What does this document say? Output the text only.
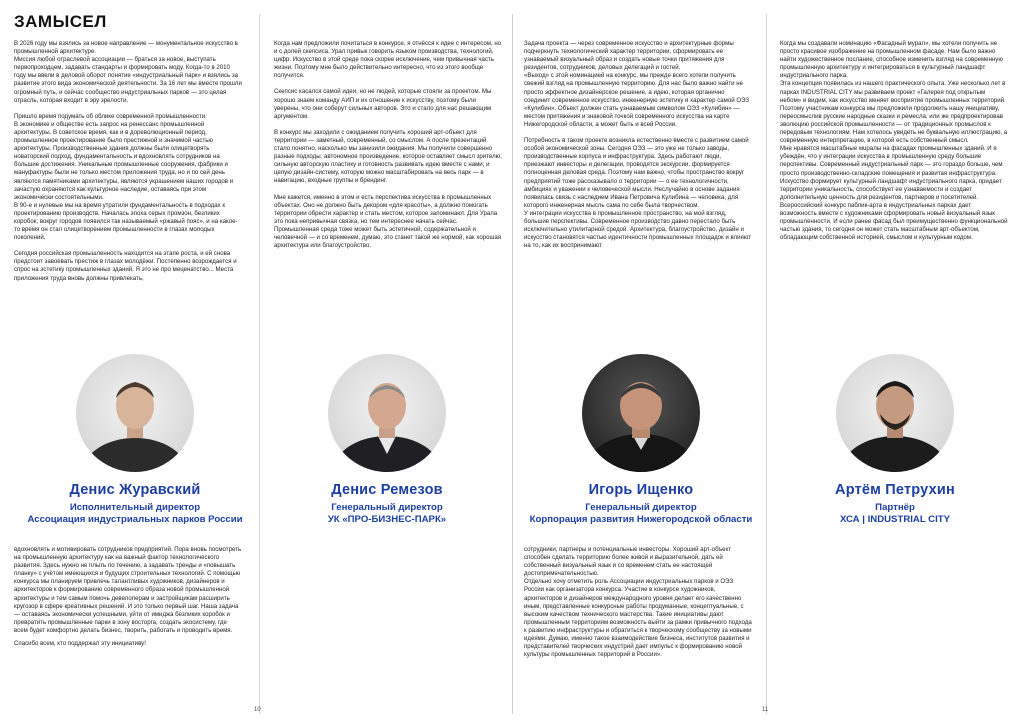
ЗАМЫСЕЛ

В 2026 году мы взялись за новое направление — монументальное искусство в промышленной архитектуре.
Миссия любой отраслевой ассоциации — браться за новое, выступать первопроходцем, задавать стандарты и формировать моду. Когда-то в 2010 году мы ввели в деловой оборот понятие «индустриальный парк» и взялись за развитие этого вида экономической деятельности. За 16 лет мы вместе прошли огромный путь, и сейчас сообщество индустриальных парков — это целая отрасль, которая входит в эру зрелости.

Пришло время подумать об облике современной промышленности.
В экономике и обществе есть запрос на ренессанс промышленной архитектуры. В советское время, как и в дореволюционный период, промышленное проектирование было престижной и значимой частью архитектуры. Производственные здания должны были олицетворять новаторский подход, фундаментальность и вдохновлять сотрудников на большие достижения. Уникальные промышленные сооружения, фабрики и мануфактуры были не только местом приложения труда, но и по сей день являются памятниками архитектуры, являются украшением наших городов и зачастую охраняются как культурное наследие, оставаясь при этом экономически состоятельными.
В 90-е и нулевые мы на время утратили фундаментальность в подходах к проектированию производств. Началась эпоха серых промзон, безликих коробок; вокруг городов появился так называемый «ржавый пояс», и на какое-то время он стал олицетворением промышленности в глазах молодых поколений.

Сегодня российская промышленность находится на этапе роста, и ей снова предстоит завоевать престиж в глазах молодёжи. Постепенно возрождается и спрос на эстетику промышленных зданий. Я это не про меценатство... Места приложения труда вновь должны привлекать,

Когда нам предложили почитаться в конкурсе, я отнёсся к идее с интересом, но и с долей скепсиса. Урал привык говорить языком производства, технологий, цифр. Искусство в этой среде пока скорее исключение, чем привычная часть жизни. Поэтому мне было действительно интересно, что из этого вообще получится.

Скепсис касался самой идеи, но не людей, которые стояли за проектом. Мы хорошо знаем команду АИП и их отношение к искусству, поэтому были уверены, что они соберут сильных авторов. Это и стало для нас решающим аргументом.

В конкурс мы заходили с ожиданием получить хороший арт-объект для территории — заметный, современный, со смыслом. А после презентаций стало понятно, насколько мы занизили ожидания. Мы получили совершенно разные подходы: автономное произведение, которое оставляет смысл зрителю; сильную авторскую пластику и готовность развивать идею вместе с нами; и целую дизайн-систему, которую можно масштабировать на весь парк — в навигацию, входные группы и брендинг.

Мне кажется, именно в этом и есть перспектива искусства в промышленных объектах. Оно не должно быть декором «для красоты», а должно помогать территории обрести характер и стать местом, которое запоминают. Для Урала это пока непривычная связка, но тем интереснее начать сейчас. Промышленная среда тоже может быть эстетичной, содержательной и человечной — и со временем, думаю, это станет такой же нормой, как хорошая архитектура или благоустройство.

Задача проекта — через современное искусство и архитектурные формы подчеркнуть технологический характер территории, сформировать ее узнаваемый визуальный образ и создать новые точки притяжения для резидентов, сотрудников, деловых делегаций и гостей.
«Выход» с этой номинацией на конкурс, мы прежде всего хотели получить свежий взгляд на промышленную территорию. Для нас было важно найти не просто эффектное дизайнерское решение, а идею, которая органично соединит современное искусство, инженерную эстетику и характер самой ОЭЗ «Кулибин». Объект должен стать узнаваемым символом ОЭЗ «Кулибин» — местом притяжения и знаковой точкой современного искусства на карте Нижегородской области, а может быть и всей России.

Потребность в таком проекте возникла естественно вместе с развитием самой особой экономической зоны. Сегодня ОЭЗ — это уже не только заводы, производственные корпуса и инфраструктура. Здесь работают люди, приезжают инвесторы и делегации, проводятся экскурсии, формируется полноценная деловая среда. Поэтому нам важно, чтобы пространство вокруг предприятий тоже рассказывало о территории — о ее технологичности, амбициях и уважении к человеческой мысли. Неслучайно в основе задания появилась связь с наследием Ивана Петровича Кулибина — человека, для которого инженерная мысль сама по себе была творчеством.
У интеграции искусства в промышленное пространство, на мой взгляд, большие перспективы. Современное производство давно перестало быть исключительно утилитарной средой. Архитектура, благоустройство, дизайн и искусство становятся частью идентичности промышленных площадок и влияют на то, как их воспринимают

Когда мы создавали номинацию «Фасадный мурал», мы хотели получить не просто красивое изображение на промышленном фасаде. Нам было важно найти художественное послание, способное изменить взгляд на современную промышленную архитектуру и интегрироваться в культурный ландшафт индустриального парка.
Эта концепция появилась из нашего практического опыта. Уже несколько лет в парках INDUSTRIAL CITY мы развиваем проект «Галерея под открытым небом» и видим, как искусство меняет восприятие промышленных территорий. Поэтому участникам конкурса мы предложили продолжить нашу инициативу, переосмыслив русские народные сказки и ремесла, или же предпроектировав эволюцию российской промышленности — от традиционных промыслов к передовым технологиям. Нам хотелось увидеть не буквальную иллюстрацию, а современную интерпретацию, в которой есть собственный смысл.
Мне нравятся масштабные мuралы на фасадах промышленных зданий. И я убеждён, что у интеграции искусства в промышленную среду большие перспективы. Современный индустриальный парк — это гораздо больше, чем просто производственно-складские помещения и развитая инфраструктура. Искусство формирует культурный ландшафт индустриального парка, придает территории уникальность, способствует ее узнаваемости и создает дополнительную ценность для резидентов, партнеров и посетителей.
Всероссийский конкурс паблик-арта в индустриальных парках дает возможность вместе с художниками сформировать новый визуальный язык промышленности. И если ранее фасад был преимущественно функциональной частью здания, то сегодня он может стать масштабным арт-объектом, обладающим собственной историей, смыслом и культурным кодом.

Денис Журавский
Исполнительный директор
Ассоциация индустриальных парков России
Денис Ремезов
Генеральный директор
УК «ПРО-БИЗНЕС-ПАРК»
Игорь Ищенко
Генеральный директор
Корпорация развития Нижегородской области
Артём Петрухин
Партнёр
ХСА | INDUSTRIAL CITY

вдохновлять и мотивировать сотрудников предприятий. Пора вновь посмотреть на промышленную архитектуру как на важный фактор технологического развития. Здесь нужно не плыть по течению, а задавать тренды и «повышать планку» с учётом имеющихся и будущих строительных технологий. С помощью конкурса мы планируем привлечь талантливых художников, дизайнеров и архитекторов к формированию современного образа новой промышленной архитектуры и тем самым помочь девелоперам и застройщикам расширить кругозор в сфере креативных решений. И это только первый шаг. Наша задача — оставаясь экономически успешными, уйти от имиджа безликих коробок и превратить промышленные парки в зону восторга, создать экосистему, где всем будет комфортно делать бизнес, творить, работать и проводить время.

Спасибо всем, кто поддержал эту инициативу!

сотрудники, партнеры и потенциальные инвесторы. Хороший арт-объект способен сделать территорию более живой и выразительной, дать ей собственный визуальный язык и со временем стать ее настоящей достопримечательностью.
Отдельно хочу отметить роль Ассоциации индустриальных парков и ОЭЗ России как организатора конкурса. Участие в конкурсе художников, архитекторов и дизайнеров международного уровня делает его качественно иным, представленные конкурсные работы продуманные, концептуальные, с высоким качеством технического мастерства. Такие инициативы дают промышленным территориям возможность выйти за рамки привычного подхода к развитию инфраструктуры и обратиться к творческому сообществу за новыми идеями. Думаю, именно такое взаимодействие бизнеса, институтов развития и представителей творческих индустрий дает импульс к формированию новой культуры промышленных территорий в России».

10	11
